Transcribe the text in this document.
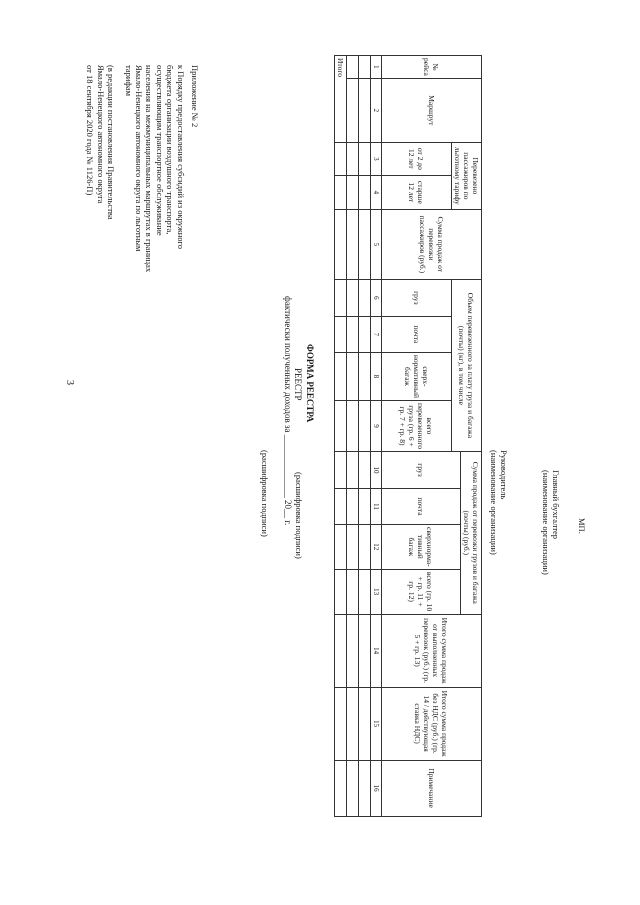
3
Приложение № 2
к Порядку предоставления субсидий из окружного
бюджета организации воздушного транспорта,
осуществляющим транспортное обслуживание
населения на межмуниципальных маршрутах в границах
Ямало-Ненецкого автономного округа по льготным
тарифам
(в редакции постановления Правительства
Ямало-Ненецкого автономного округа
от 18 сентября 2020 года № 1126-П)
ФОРМА РЕЕСТРА
РЕЕСТР
фактически полученных доходов за ______________ 20__ г.
№ рейса	Маршрут	Перевезено пассажиров по льготному тарифу		Сумма продаж от перевозки пассажиров (руб.)	Объем перевезенного за плату груза и багажа (почты) (кг), в том числе				Сумма продаж от перевозки грузов и багажа (почты) (руб.)				Итого сумма продаж от выполненных перевозок (руб.) (гр. 5 + гр. 13)	Итого сумма продаж без НДС (руб.) (гр. 14 / действующая ставка НДС)	Примечание
									груз	почта	сверхнорма-тивный багаж	всего (гр. 10 + гр. 11 + гр. 12)			
		от 2 до 12 лет	старше 12 лет		груз	почта	сверх-нормативный багаж	всего перевезенного груза (гр. 6 + гр. 7 + гр. 8)							
1	2	3	4	5	6	7	8	9	10	11	12	13	14	15	16

Итого															
Руководитель
(наименование организации)
(расшифровка подписи)	Главный бухгалтер
(наименование организации)
(расшифровка подписи)	МП.
